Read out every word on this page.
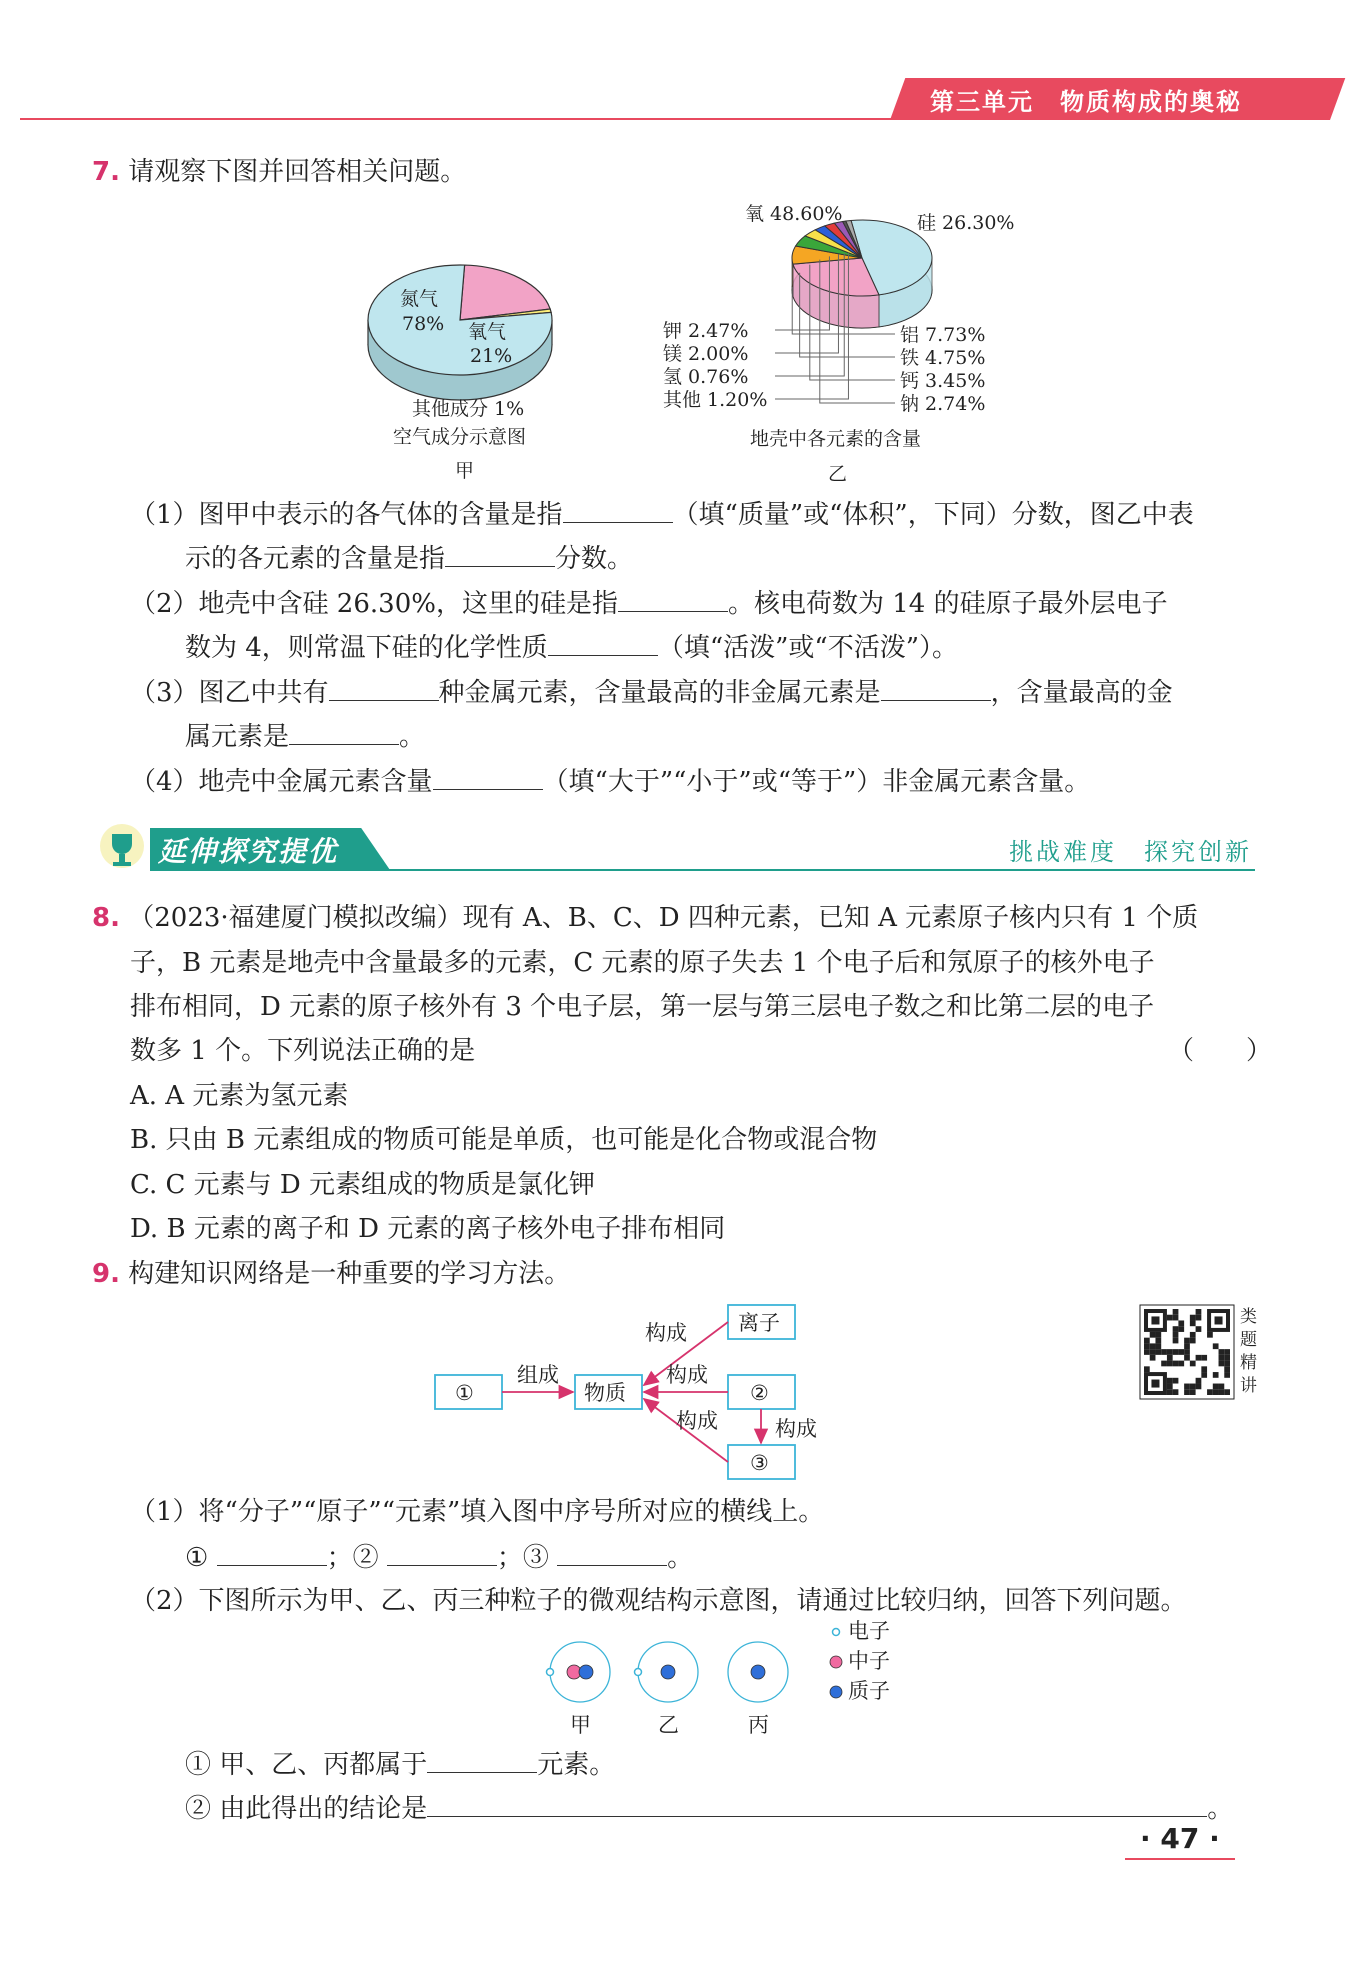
第三单元　物质构成的奥秘
7. 请观察下图并回答相关问题。
氮气
78% 氧气
21%
其他成分 1%
空气成分示意图
甲
氧 48.60%	硅 26.30%
铝 7.73%
铁 4.75%
钙 3.45%
钠 2.74%
钾 2.47%
镁 2.00%
氢 0.76%
其他 1.20%
地壳中各元素的含量
乙
（1）图甲中表示的各气体的含量是指	（填“质量”或“体积”，下同）分数，图乙中表
示的各元素的含量是指	分数。
（2）地壳中含硅 26.30%，这里的硅是指	。核电荷数为 14 的硅原子最外层电子
数为 4，则常温下硅的化学性质	（填“活泼”或“不活泼”）。
（3）图乙中共有	种金属元素，含量最高的非金属元素是	，含量最高的金
属元素是	。
（4）地壳中金属元素含量	（填“大于”“小于”或“等于”）非金属元素含量。
延伸探究提优	挑战难度　探究创新
8. （2023·福建厦门模拟改编）现有 A、B、C、D 四种元素，已知 A 元素原子核内只有 1 个质
子，B 元素是地壳中含量最多的元素，C 元素的原子失去 1 个电子后和氖原子的核外电子
排布相同，D 元素的原子核外有 3 个电子层，第一层与第三层电子数之和比第二层的电子
数多 1 个。下列说法正确的是	（　　）
A. A 元素为氢元素
B. 只由 B 元素组成的物质可能是单质，也可能是化合物或混合物
C. C 元素与 D 元素组成的物质是氯化钾
D. B 元素的离子和 D 元素的离子核外电子排布相同
9. 构建知识网络是一种重要的学习方法。
①	物质
离子
②
③
组成
构成
构成
构成	构成
类
题
精
讲
（1）将“分子”“原子”“元素”填入图中序号所对应的横线上。
①	；②	；③	。
（2）下图所示为甲、乙、丙三种粒子的微观结构示意图，请通过比较归纳，回答下列问题。
甲	乙	丙
电子
中子
质子
① 甲、乙、丙都属于	元素。
② 由此得出的结论是	。
· 47 ·
